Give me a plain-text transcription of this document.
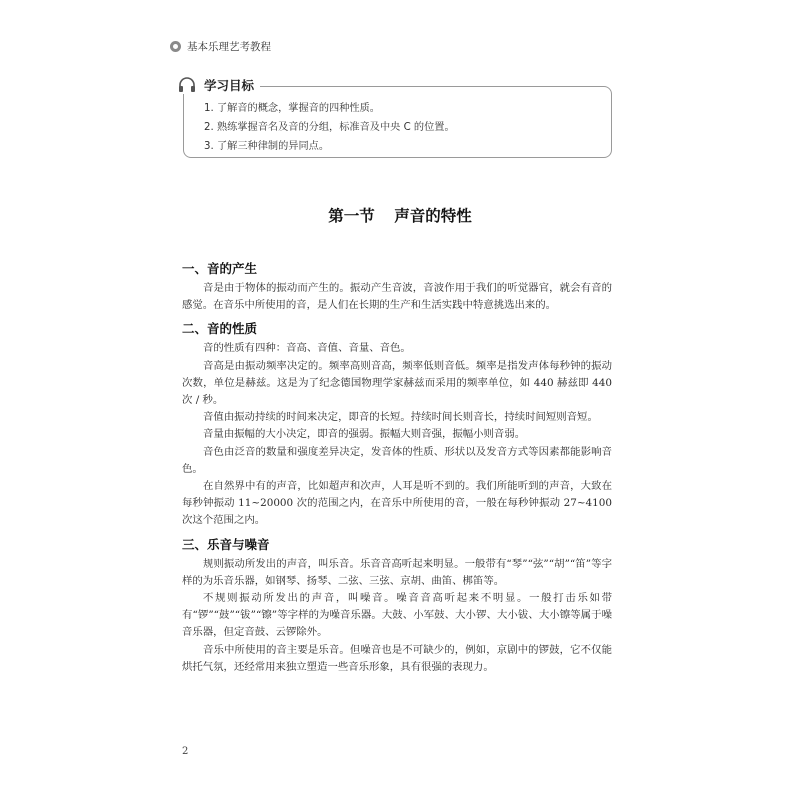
基本乐理艺考教程
学习目标
1. 了解音的概念，掌握音的四种性质。
2. 熟练掌握音名及音的分组，标准音及中央 C 的位置。
3. 了解三种律制的异同点。
第一节 声音的特性
一、音的产生

音是由于物体的振动而产生的。振动产生音波，音波作用于我们的听觉器官，就会有音的感觉。在音乐中所使用的音，是人们在长期的生产和生活实践中特意挑选出来的。

二、音的性质

音的性质有四种：音高、音值、音量、音色。

音高是由振动频率决定的。频率高则音高，频率低则音低。频率是指发声体每秒钟的振动次数，单位是赫兹。这是为了纪念德国物理学家赫兹而采用的频率单位，如 440 赫兹即 440 次 / 秒。

音值由振动持续的时间来决定，即音的长短。持续时间长则音长，持续时间短则音短。

音量由振幅的大小决定，即音的强弱。振幅大则音强，振幅小则音弱。

音色由泛音的数量和强度差异决定，发音体的性质、形状以及发音方式等因素都能影响音色。

在自然界中有的声音，比如超声和次声，人耳是听不到的。我们所能听到的声音，大致在每秒钟振动 11~20000 次的范围之内，在音乐中所使用的音，一般在每秒钟振动 27~4100 次这个范围之内。

三、乐音与噪音

规则振动所发出的声音，叫乐音。乐音音高听起来明显。一般带有“琴”“弦”“胡”“笛”等字样的为乐音乐器，如钢琴、扬琴、二弦、三弦、京胡、曲笛、梆笛等。

不规则振动所发出的声音，叫噪音。噪音音高听起来不明显。一般打击乐如带有“锣”“鼓”“钹”“镲”等字样的为噪音乐器。大鼓、小军鼓、大小锣、大小钹、大小镲等属于噪音乐器，但定音鼓、云锣除外。

音乐中所使用的音主要是乐音。但噪音也是不可缺少的，例如，京剧中的锣鼓，它不仅能烘托气氛，还经常用来独立塑造一些音乐形象，具有很强的表现力。

2
